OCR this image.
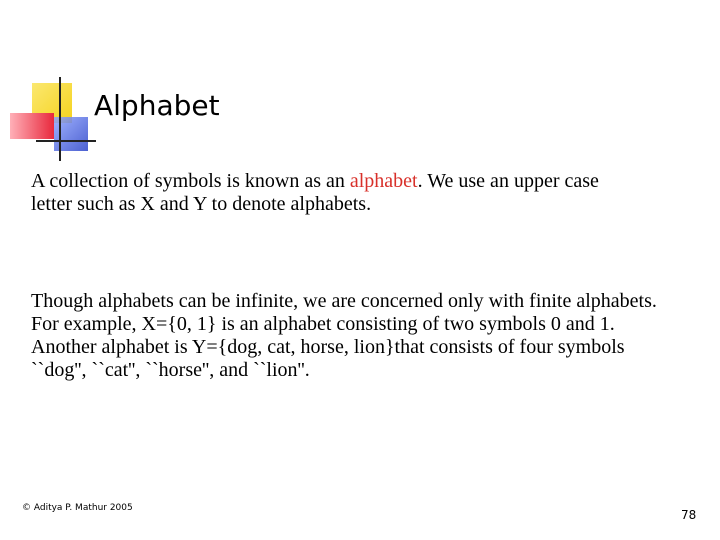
Alphabet

A collection of symbols is known as an alphabet. We use an upper case letter such as X and Y to denote alphabets.

Though alphabets can be infinite, we are concerned only with finite alphabets. For example, X={0, 1} is an alphabet consisting of two symbols 0 and 1. Another alphabet is Y={dog, cat, horse, lion}that consists of four symbols ``dog'', ``cat'', ``horse'', and ``lion''.

© Aditya P. Mathur 2005	78
